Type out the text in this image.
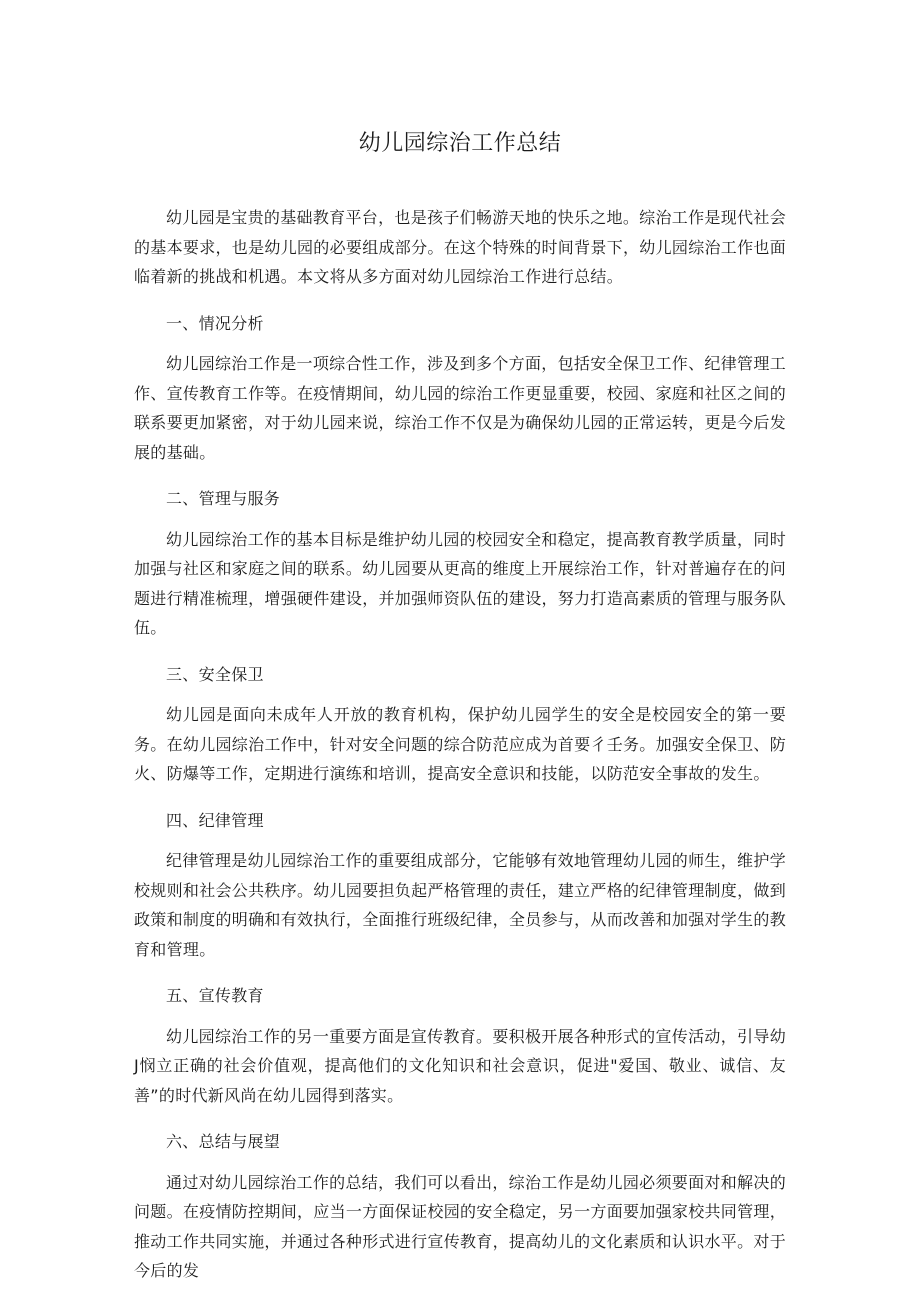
幼儿园综治工作总结

幼儿园是宝贵的基础教育平台，也是孩子们畅游天地的快乐之地。综治工作是现代社会的基本要求，也是幼儿园的必要组成部分。在这个特殊的时间背景下，幼儿园综治工作也面临着新的挑战和机遇。本文将从多方面对幼儿园综治工作进行总结。

一、情况分析

幼儿园综治工作是一项综合性工作，涉及到多个方面，包括安全保卫工作、纪律管理工作、宣传教育工作等。在疫情期间，幼儿园的综治工作更显重要，校园、家庭和社区之间的联系要更加紧密，对于幼儿园来说，综治工作不仅是为确保幼儿园的正常运转，更是今后发展的基础。

二、管理与服务

幼儿园综治工作的基本目标是维护幼儿园的校园安全和稳定，提高教育教学质量，同时加强与社区和家庭之间的联系。幼儿园要从更高的维度上开展综治工作，针对普遍存在的问题进行精准梳理，增强硬件建设，并加强师资队伍的建设，努力打造高素质的管理与服务队伍。

三、安全保卫

幼儿园是面向未成年人开放的教育机构，保护幼儿园学生的安全是校园安全的第一要务。在幼儿园综治工作中，针对安全问题的综合防范应成为首要彳壬务。加强安全保卫、防火、防爆等工作，定期进行演练和培训，提高安全意识和技能，以防范安全事故的发生。

四、纪律管理

纪律管理是幼儿园综治工作的重要组成部分，它能够有效地管理幼儿园的师生，维护学校规则和社会公共秩序。幼儿园要担负起严格管理的责任，建立严格的纪律管理制度，做到政策和制度的明确和有效执行，全面推行班级纪律，全员参与，从而改善和加强对学生的教育和管理。

五、宣传教育

幼儿园综治工作的另一重要方面是宣传教育。要积极开展各种形式的宣传活动，引导幼J悯立正确的社会价值观，提高他们的文化知识和社会意识，促进"爱国、敬业、诚信、友善”的时代新风尚在幼儿园得到落实。

六、总结与展望

通过对幼儿园综治工作的总结，我们可以看出，综治工作是幼儿园必须要面对和解决的问题。在疫情防控期间，应当一方面保证校园的安全稳定，另一方面要加强家校共同管理，推动工作共同实施，并通过各种形式进行宣传教育，提高幼儿的文化素质和认识水平。对于今后的发
